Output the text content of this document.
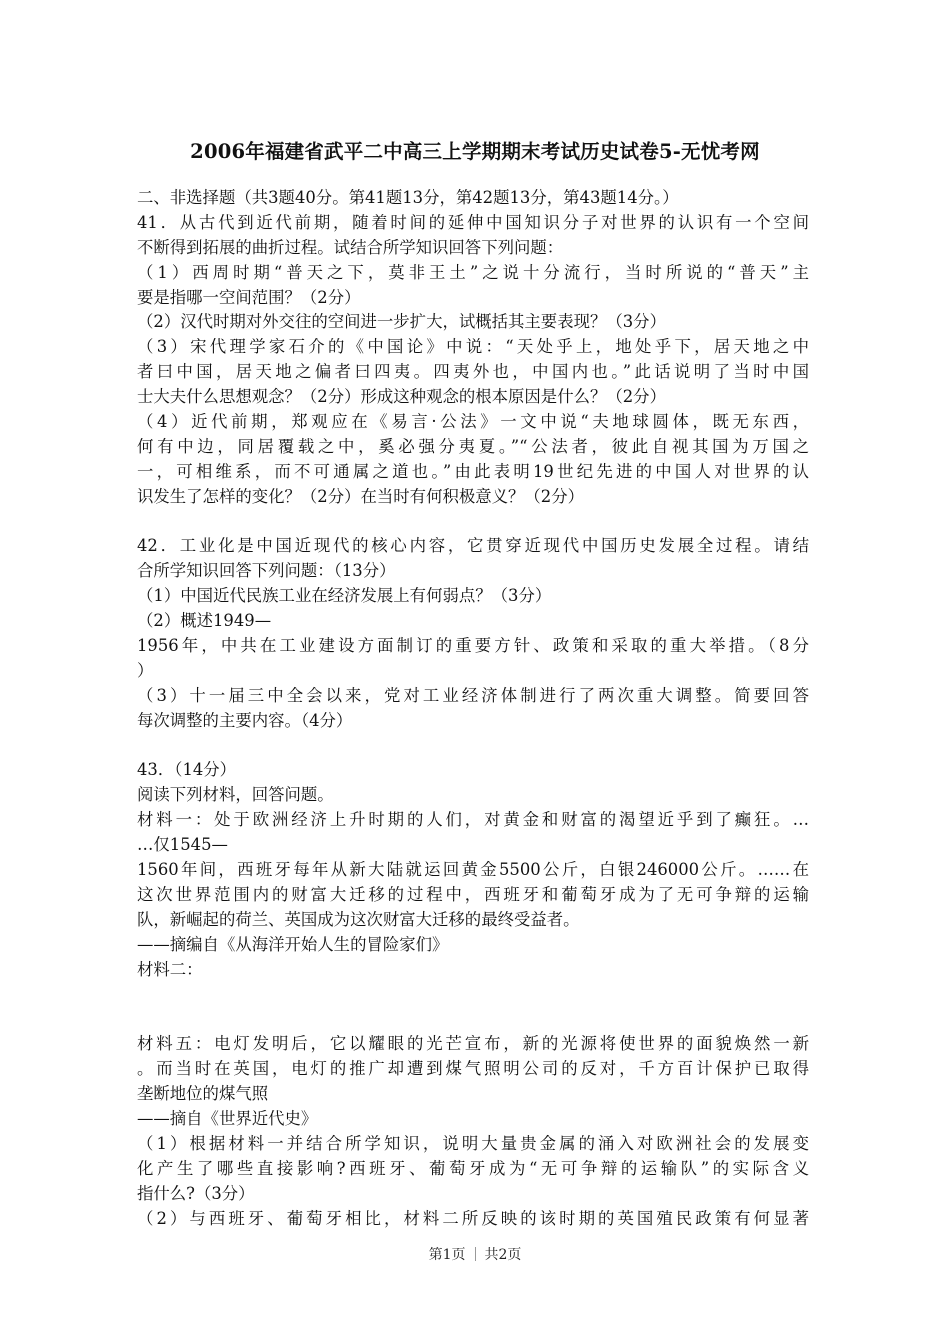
2006年福建省武平二中高三上学期期末考试历史试卷5-无忧考网
二、非选择题（共3题40分。第41题13分，第42题13分，第43题14分。）
41．从古代到近代前期，随着时间的延伸中国知识分子对世界的认识有一个空间
不断得到拓展的曲折过程。试结合所学知识回答下列问题：
（1）西周时期“普天之下，莫非王土”之说十分流行，当时所说的“普天”主
要是指哪一空间范围？（2分）
（2）汉代时期对外交往的空间进一步扩大，试概括其主要表现？（3分）
（3）宋代理学家石介的《中国论》中说：“天处乎上，地处乎下，居天地之中
者曰中国，居天地之偏者曰四夷。四夷外也，中国内也。”此话说明了当时中国
士大夫什么思想观念？（2分）形成这种观念的根本原因是什么？（2分）
（4）近代前期，郑观应在《易言·公法》一文中说“夫地球圆体，既无东西，
何有中边，同居覆载之中，奚必强分夷夏。”“公法者，彼此自视其国为万国之
一，可相维系，而不可通属之道也。”由此表明19世纪先进的中国人对世界的认
识发生了怎样的变化？（2分）在当时有何积极意义？（2分）
42．工业化是中国近现代的核心内容，它贯穿近现代中国历史发展全过程。请结
合所学知识回答下列问题：（13分）
（1）中国近代民族工业在经济发展上有何弱点？（3分）
（2）概述1949—
1956年，中共在工业建设方面制订的重要方针、政策和采取的重大举措。（8分
）
（3）十一届三中全会以来，党对工业经济体制进行了两次重大调整。简要回答
每次调整的主要内容。（4分）
43．（14分）
阅读下列材料，回答问题。
材料一：处于欧洲经济上升时期的人们，对黄金和财富的渴望近乎到了癫狂。…
…仅1545—
1560年间，西班牙每年从新大陆就运回黄金5500公斤，白银246000公斤。……在
这次世界范围内的财富大迁移的过程中，西班牙和葡萄牙成为了无可争辩的运输
队，新崛起的荷兰、英国成为这次财富大迁移的最终受益者。
——摘编自《从海洋开始人生的冒险家们》
材料二：
材料五：电灯发明后，它以耀眼的光芒宣布，新的光源将使世界的面貌焕然一新
。而当时在英国，电灯的推广却遭到煤气照明公司的反对，千方百计保护已取得
垄断地位的煤气照
——摘自《世界近代史》
（1）根据材料一并结合所学知识，说明大量贵金属的涌入对欧洲社会的发展变
化产生了哪些直接影响?西班牙、葡萄牙成为“无可争辩的运输队”的实际含义
指什么?（3分）
（2）与西班牙、葡萄牙相比，材料二所反映的该时期的英国殖民政策有何显著
第1页 共2页
